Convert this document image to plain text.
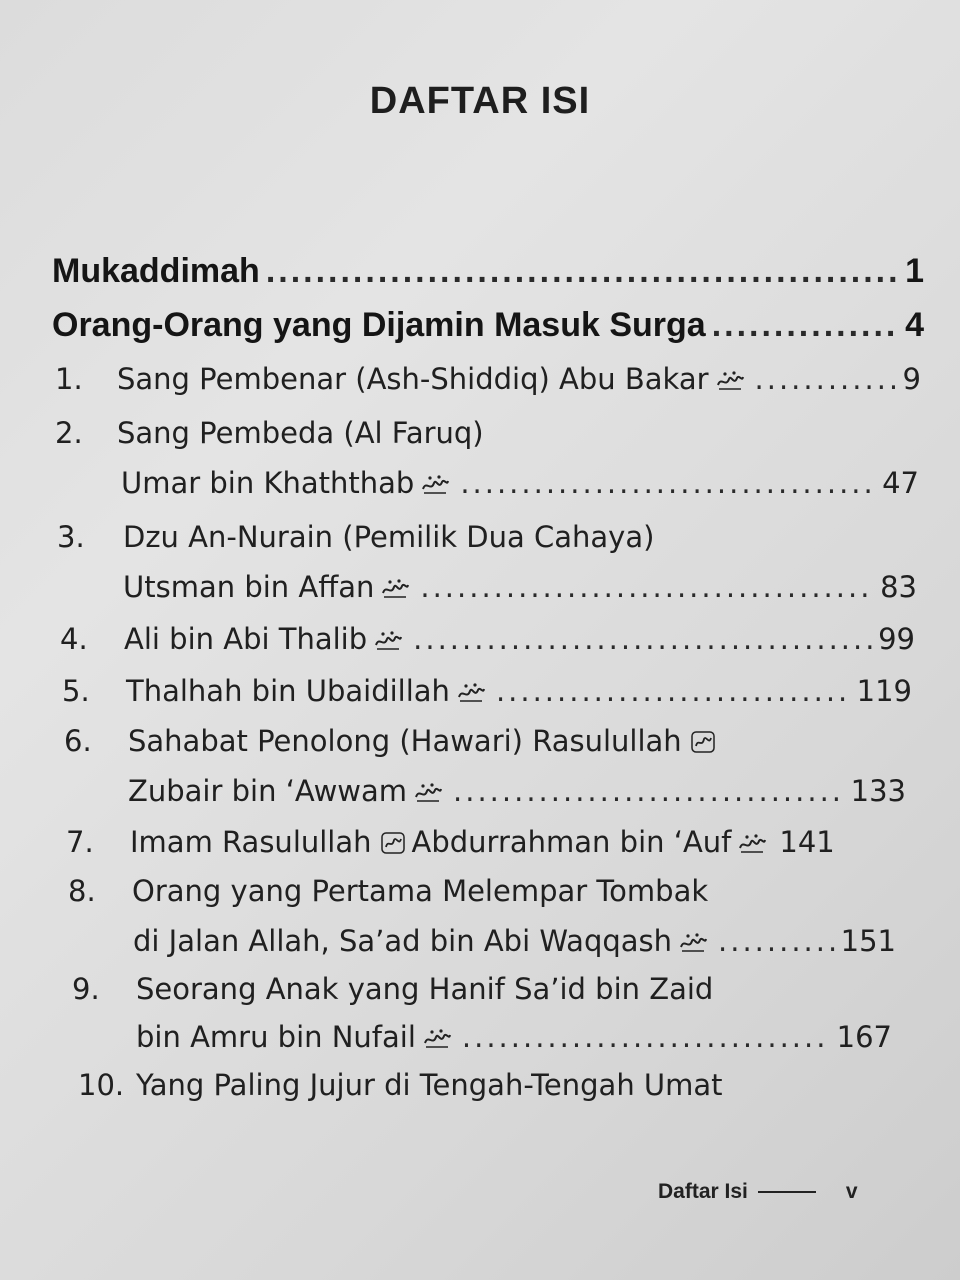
DAFTAR ISI
Mukaddimah .....	1
Orang-Orang yang Dijamin Masuk Surga .....	4
1.	Sang Pembenar (Ash-Shiddiq) Abu Bakar .....	9
2.	Sang Pembeda (Al Faruq)
Umar bin Khaththab .....	47
3.	Dzu An-Nurain (Pemilik Dua Cahaya)
Utsman bin Affan .....	83
4.	Ali bin Abi Thalib .....	99
5.	Thalhah bin Ubaidillah .....	119
6.	Sahabat Penolong (Hawari) Rasulullah
Zubair bin ‘Awwam .....	133
7.	Imam Rasulullah Abdurrahman bin ‘Auf 141
8.	Orang yang Pertama Melempar Tombak
di Jalan Allah, Sa’ad bin Abi Waqqash .....	151
9.	Seorang Anak yang Hanif Sa’id bin Zaid
bin Amru bin Nufail .....	167
10. Yang Paling Jujur di Tengah-Tengah Umat
Daftar Isi	v
